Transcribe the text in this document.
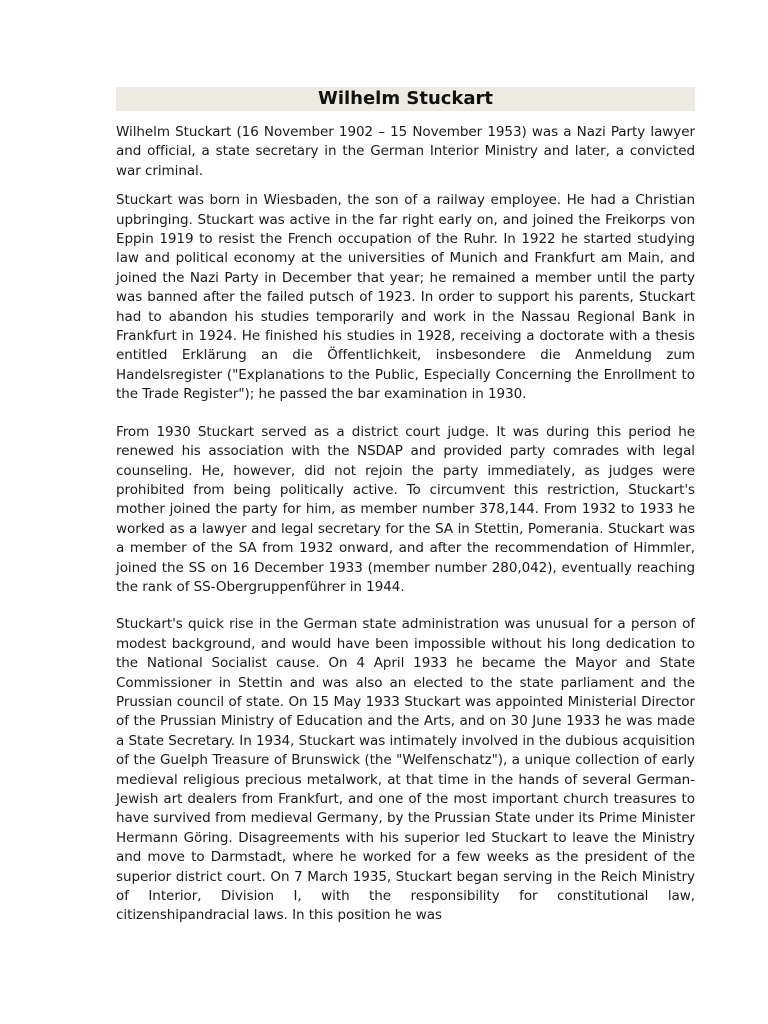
Wilhelm Stuckart

Wilhelm Stuckart (16 November 1902 – 15 November 1953) was a Nazi Party lawyer and official, a state secretary in the German Interior Ministry and later, a convicted war criminal.

Stuckart was born in Wiesbaden, the son of a railway employee. He had a Christian upbringing. Stuckart was active in the far right early on, and joined the Freikorps von Eppin 1919 to resist the French occupation of the Ruhr. In 1922 he started studying law and political economy at the universities of Munich and Frankfurt am Main, and joined the Nazi Party in December that year; he remained a member until the party was banned after the failed putsch of 1923. In order to support his parents, Stuckart had to abandon his studies temporarily and work in the Nassau Regional Bank in Frankfurt in 1924. He finished his studies in 1928, receiving a doctorate with a thesis entitled Erklärung an die Öffentlichkeit, insbesondere die Anmeldung zum Handelsregister ("Explanations to the Public, Especially Concerning the Enrollment to the Trade Register"); he passed the bar examination in 1930.

From 1930 Stuckart served as a district court judge. It was during this period he renewed his association with the NSDAP and provided party comrades with legal counseling. He, however, did not rejoin the party immediately, as judges were prohibited from being politically active. To circumvent this restriction, Stuckart's mother joined the party for him, as member number 378,144. From 1932 to 1933 he worked as a lawyer and legal secretary for the SA in Stettin, Pomerania. Stuckart was a member of the SA from 1932 onward, and after the recommendation of Himmler, joined the SS on 16 December 1933 (member number 280,042), eventually reaching the rank of SS-Obergruppenführer in 1944.

Stuckart's quick rise in the German state administration was unusual for a person of modest background, and would have been impossible without his long dedication to the National Socialist cause. On 4 April 1933 he became the Mayor and State Commissioner in Stettin and was also an elected to the state parliament and the Prussian council of state. On 15 May 1933 Stuckart was appointed Ministerial Director of the Prussian Ministry of Education and the Arts, and on 30 June 1933 he was made a State Secretary. In 1934, Stuckart was intimately involved in the dubious acquisition of the Guelph Treasure of Brunswick (the "Welfenschatz"), a unique collection of early medieval religious precious metalwork, at that time in the hands of several German-Jewish art dealers from Frankfurt, and one of the most important church treasures to have survived from medieval Germany, by the Prussian State under its Prime Minister Hermann Göring. Disagreements with his superior led Stuckart to leave the Ministry and move to Darmstadt, where he worked for a few weeks as the president of the superior district court. On 7 March 1935, Stuckart began serving in the Reich Ministry of Interior, Division I, with the responsibility for constitutional law, citizenshipandracial laws. In this position he was
